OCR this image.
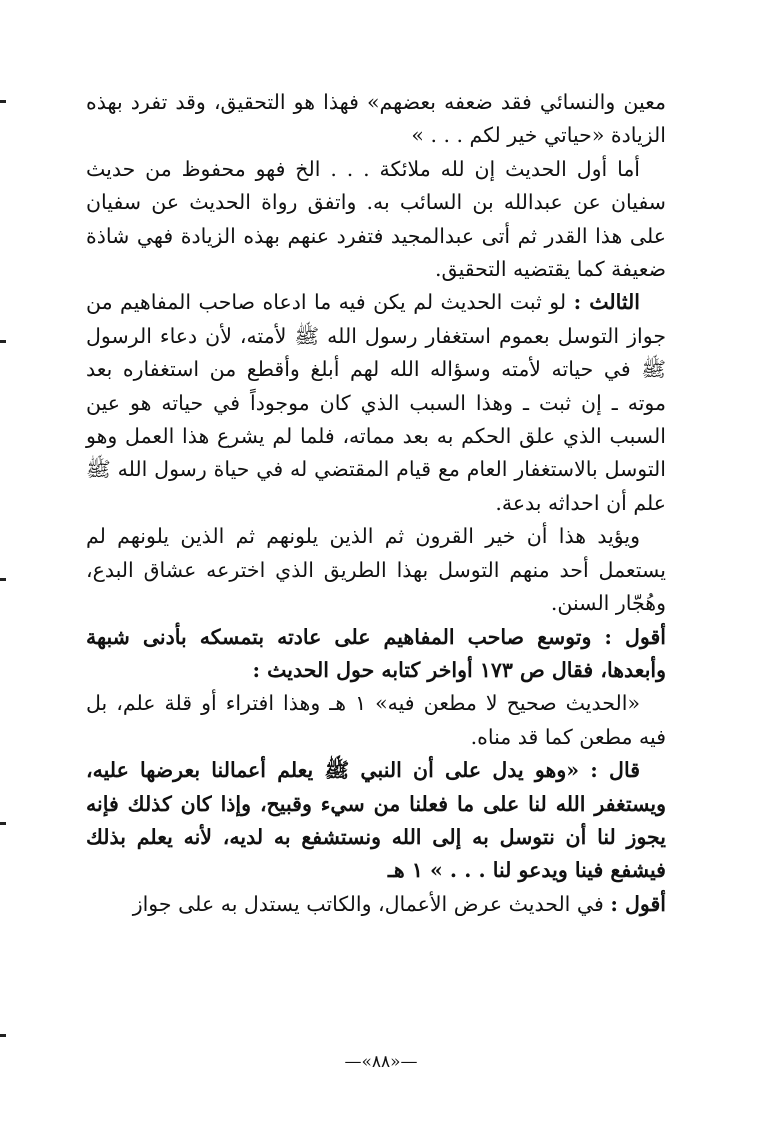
معين والنسائي فقد ضعفه بعضهم» فهذا هو التحقيق، وقد تفرد بهذه الزيادة «حياتي خير لكم . . . »

أما أول الحديث إن لله ملائكة . . . الخ فهو محفوظ من حديث سفيان عن عبدالله بن السائب به. واتفق رواة الحديث عن سفيان على هذا القدر ثم أتى عبدالمجيد فتفرد عنهم بهذه الزيادة فهي شاذة ضعيفة كما يقتضيه التحقيق.

الثالث : لو ثبت الحديث لم يكن فيه ما ادعاه صاحب المفاهيم من جواز التوسل بعموم استغفار رسول الله ﷺ لأمته، لأن دعاء الرسول ﷺ في حياته لأمته وسؤاله الله لهم أبلغ وأقطع من استغفاره بعد موته ـ إن ثبت ـ وهذا السبب الذي كان موجوداً في حياته هو عين السبب الذي علق الحكم به بعد مماته، فلما لم يشرع هذا العمل وهو التوسل بالاستغفار العام مع قيام المقتضي له في حياة رسول الله ﷺ علم أن احداثه بدعة.

ويؤيد هذا أن خير القرون ثم الذين يلونهم ثم الذين يلونهم لم يستعمل أحد منهم التوسل بهذا الطريق الذي اخترعه عشاق البدع، وهُجّار السنن.

أقول : وتوسع صاحب المفاهيم على عادته بتمسكه بأدنى شبهة وأبعدها، فقال ص ١٧٣ أواخر كتابه حول الحديث :

«الحديث صحيح لا مطعن فيه» ١ هـ وهذا افتراء أو قلة علم، بل فيه مطعن كما قد مناه.

قال : «وهو يدل على أن النبي ﷺ يعلم أعمالنا بعرضها عليه، ويستغفر الله لنا على ما فعلنا من سيء وقبيح، وإذا كان كذلك فإنه يجوز لنا أن نتوسل به إلى الله ونستشفع به لديه، لأنه يعلم بذلك فيشفع فينا ويدعو لنا . . . » ١ هـ

أقول : في الحديث عرض الأعمال، والكاتب يستدل به على جواز

—«٨٨»—
